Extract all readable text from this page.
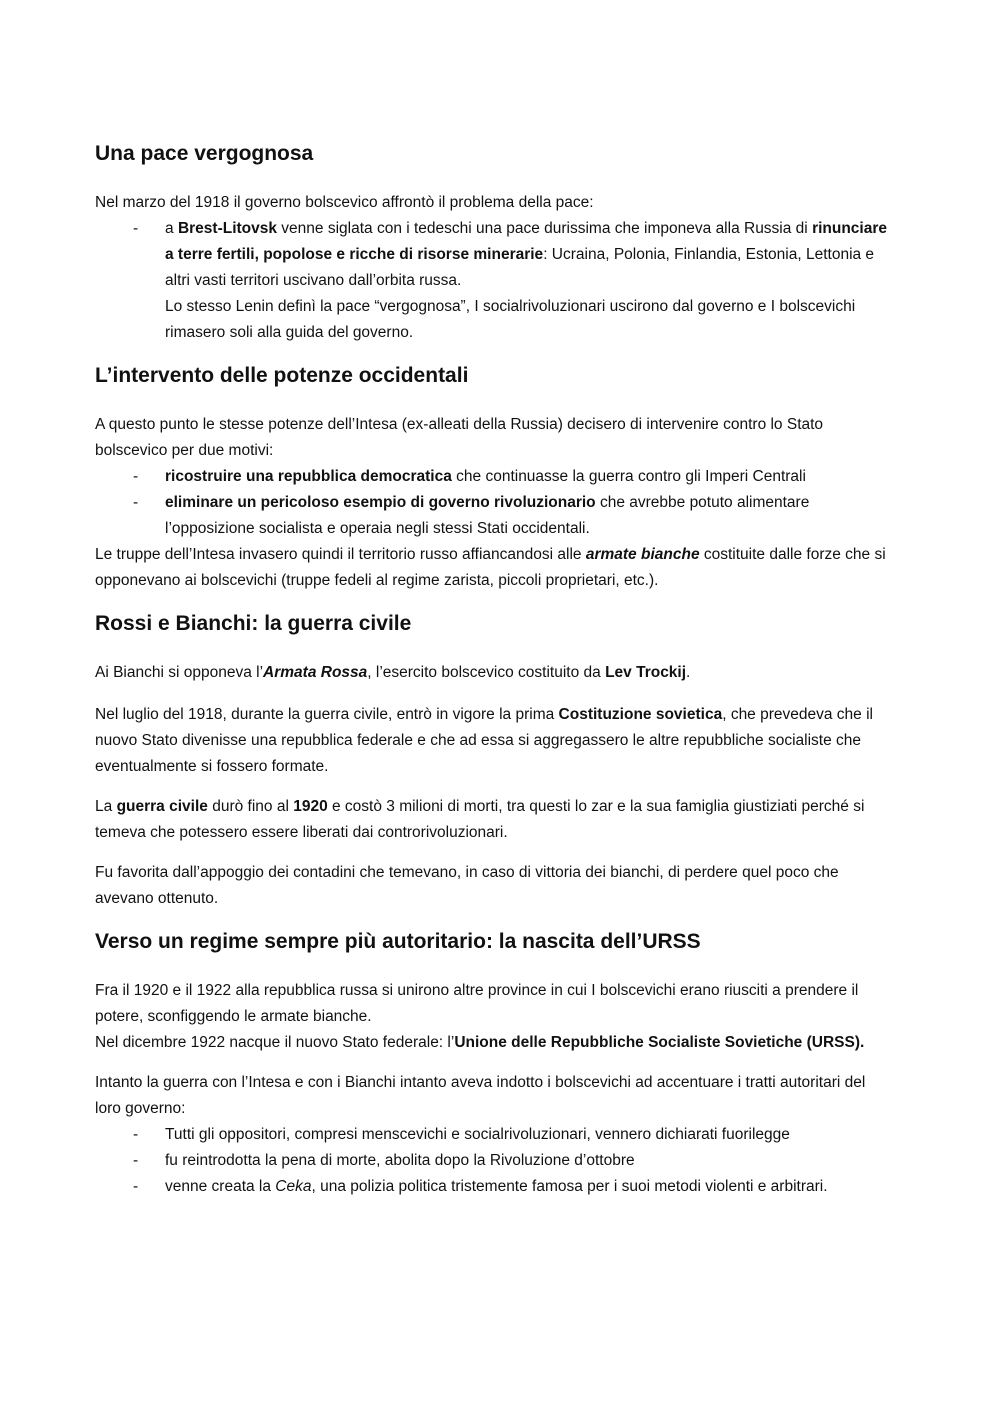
Una pace vergognosa

Nel marzo del 1918 il governo bolscevico affrontò il problema della pace:

- a Brest-Litovsk venne siglata con i tedeschi una pace durissima che imponeva alla Russia di rinunciare a terre fertili, popolose e ricche di risorse minerarie: Ucraina, Polonia, Finlandia, Estonia, Lettonia e altri vasti territori uscivano dall’orbita russa.
Lo stesso Lenin definì la pace “vergognosa”, I socialrivoluzionari uscirono dal governo e I bolscevichi rimasero soli alla guida del governo.
L’intervento delle potenze occidentali

A questo punto le stesse potenze dell’Intesa (ex-alleati della Russia) decisero di intervenire contro lo Stato bolscevico per due motivi:

- ricostruire una repubblica democratica che continuasse la guerra contro gli Imperi Centrali
- eliminare un pericoloso esempio di governo rivoluzionario che avrebbe potuto alimentare l’opposizione socialista e operaia negli stessi Stati occidentali.

Le truppe dell’Intesa invasero quindi il territorio russo affiancandosi alle armate bianche costituite dalle forze che si opponevano ai bolscevichi (truppe fedeli al regime zarista, piccoli proprietari, etc.).

Rossi e Bianchi: la guerra civile

Ai Bianchi si opponeva l’Armata Rossa, l’esercito bolscevico costituito da Lev Trockij.

Nel luglio del 1918, durante la guerra civile, entrò in vigore la prima Costituzione sovietica, che prevedeva che il nuovo Stato divenisse una repubblica federale e che ad essa si aggregassero le altre repubbliche socialiste che eventualmente si fossero formate.

La guerra civile durò fino al 1920 e costò 3 milioni di morti, tra questi lo zar e la sua famiglia giustiziati perché si temeva che potessero essere liberati dai controrivoluzionari.

Fu favorita dall’appoggio dei contadini che temevano, in caso di vittoria dei bianchi, di perdere quel poco che avevano ottenuto.

Verso un regime sempre più autoritario: la nascita dell’URSS

Fra il 1920 e il 1922 alla repubblica russa si unirono altre province in cui I bolscevichi erano riusciti a prendere il potere, sconfiggendo le armate bianche.

Nel dicembre 1922 nacque il nuovo Stato federale: l’Unione delle Repubbliche Socialiste Sovietiche (URSS).

Intanto la guerra con l’Intesa e con i Bianchi intanto aveva indotto i bolscevichi ad accentuare i tratti autoritari del loro governo:

- Tutti gli oppositori, compresi menscevichi e socialrivoluzionari, vennero dichiarati fuorilegge
- fu reintrodotta la pena di morte, abolita dopo la Rivoluzione d’ottobre
- venne creata la Ceka, una polizia politica tristemente famosa per i suoi metodi violenti e arbitrari.
